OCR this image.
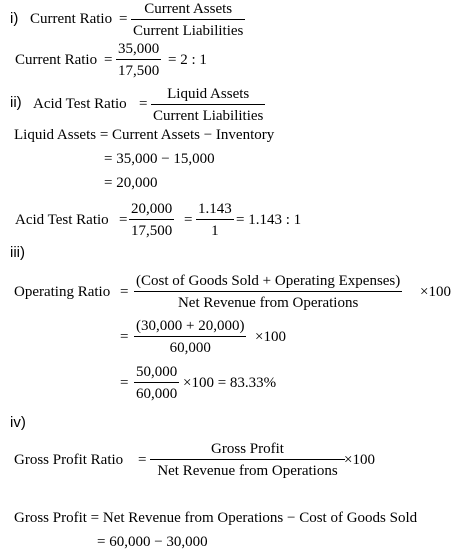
i) Current Ratio =
Current Assets
Current Liabilities
Current Ratio =
35,000
17,500
= 2 : 1
ii) Acid Test Ratio =
Liquid Assets
Current Liabilities
Liquid Assets = Current Assets − Inventory
= 35,000 − 15,000
= 20,000
Acid Test Ratio =
20,000
17,500
=
1.143
1
= 1.143 : 1
iii)
Operating Ratio =
(Cost of Goods Sold + Operating Expenses)
Net Revenue from Operations
×100
=
(30,000 + 20,000)
60,000
×100
=
50,000
60,000
×100 = 83.33%
iv)
Gross Profit Ratio =
Gross Profit
Net Revenue from Operations
×100
Gross Profit = Net Revenue from Operations − Cost of Goods Sold
= 60,000 − 30,000
